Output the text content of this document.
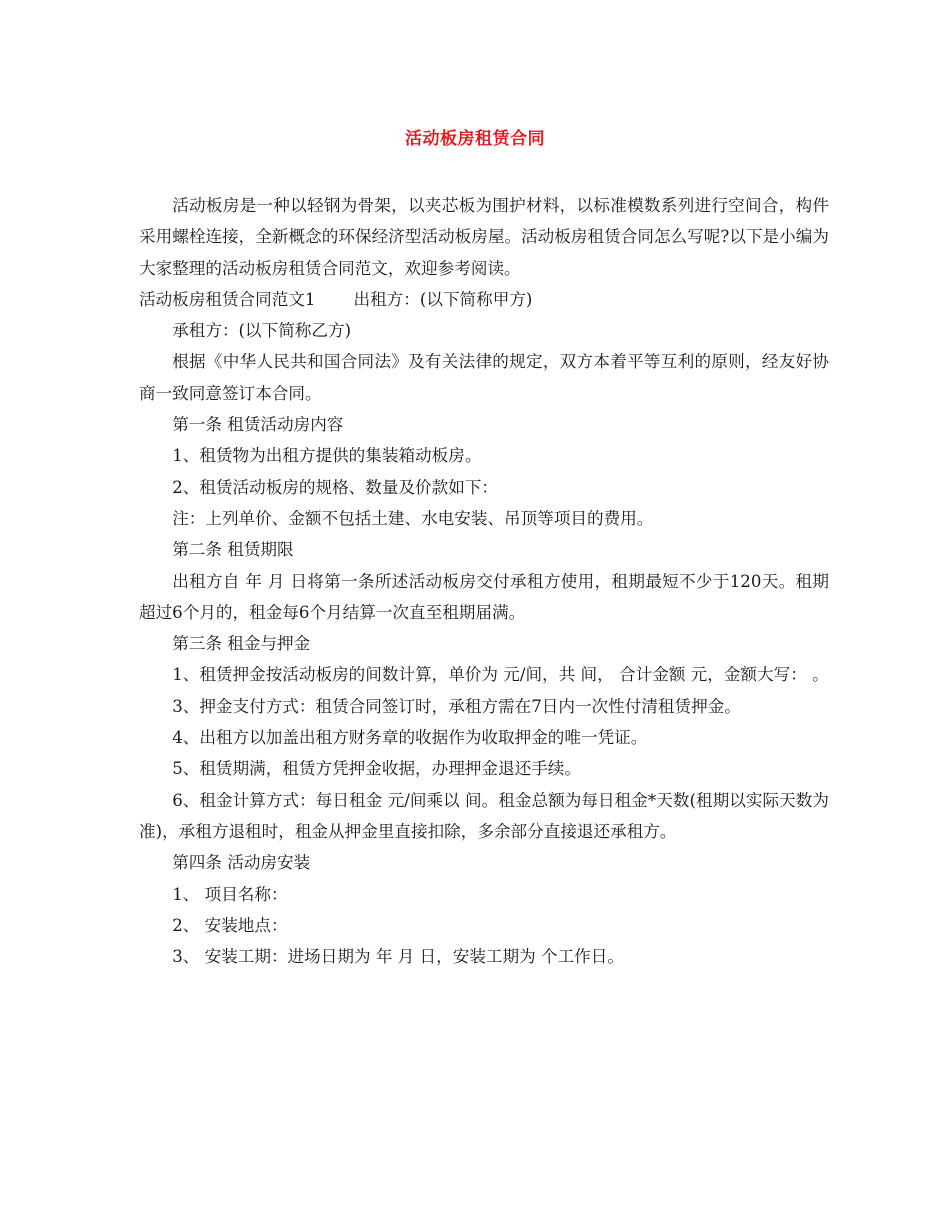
活动板房租赁合同

活动板房是一种以轻钢为骨架，以夹芯板为围护材料，以标准模数系列进行空间合，构件采用螺栓连接，全新概念的环保经济型活动板房屋。活动板房租赁合同怎么写呢?以下是小编为大家整理的活动板房租赁合同范文，欢迎参考阅读。

活动板房租赁合同范文1 出租方：(以下简称甲方)

承租方：(以下简称乙方)

根据《中华人民共和国合同法》及有关法律的规定，双方本着平等互利的原则，经友好协商一致同意签订本合同。

第一条 租赁活动房内容

1、租赁物为出租方提供的集装箱动板房。

2、租赁活动板房的规格、数量及价款如下：

注：上列单价、金额不包括土建、水电安装、吊顶等项目的费用。

第二条 租赁期限

出租方自 年 月 日将第一条所述活动板房交付承租方使用，租期最短不少于120天。租期超过6个月的，租金每6个月结算一次直至租期届满。

第三条 租金与押金

1、租赁押金按活动板房的间数计算，单价为 元/间，共 间， 合计金额 元，金额大写： 。

3、押金支付方式：租赁合同签订时，承租方需在7日内一次性付清租赁押金。

4、出租方以加盖出租方财务章的收据作为收取押金的唯一凭证。

5、租赁期满，租赁方凭押金收据，办理押金退还手续。

6、租金计算方式：每日租金 元/间乘以 间。租金总额为每日租金*天数(租期以实际天数为准)，承租方退租时，租金从押金里直接扣除，多余部分直接退还承租方。

第四条 活动房安装

1、 项目名称：

2、 安装地点：

3、 安装工期：进场日期为 年 月 日，安装工期为 个工作日。
